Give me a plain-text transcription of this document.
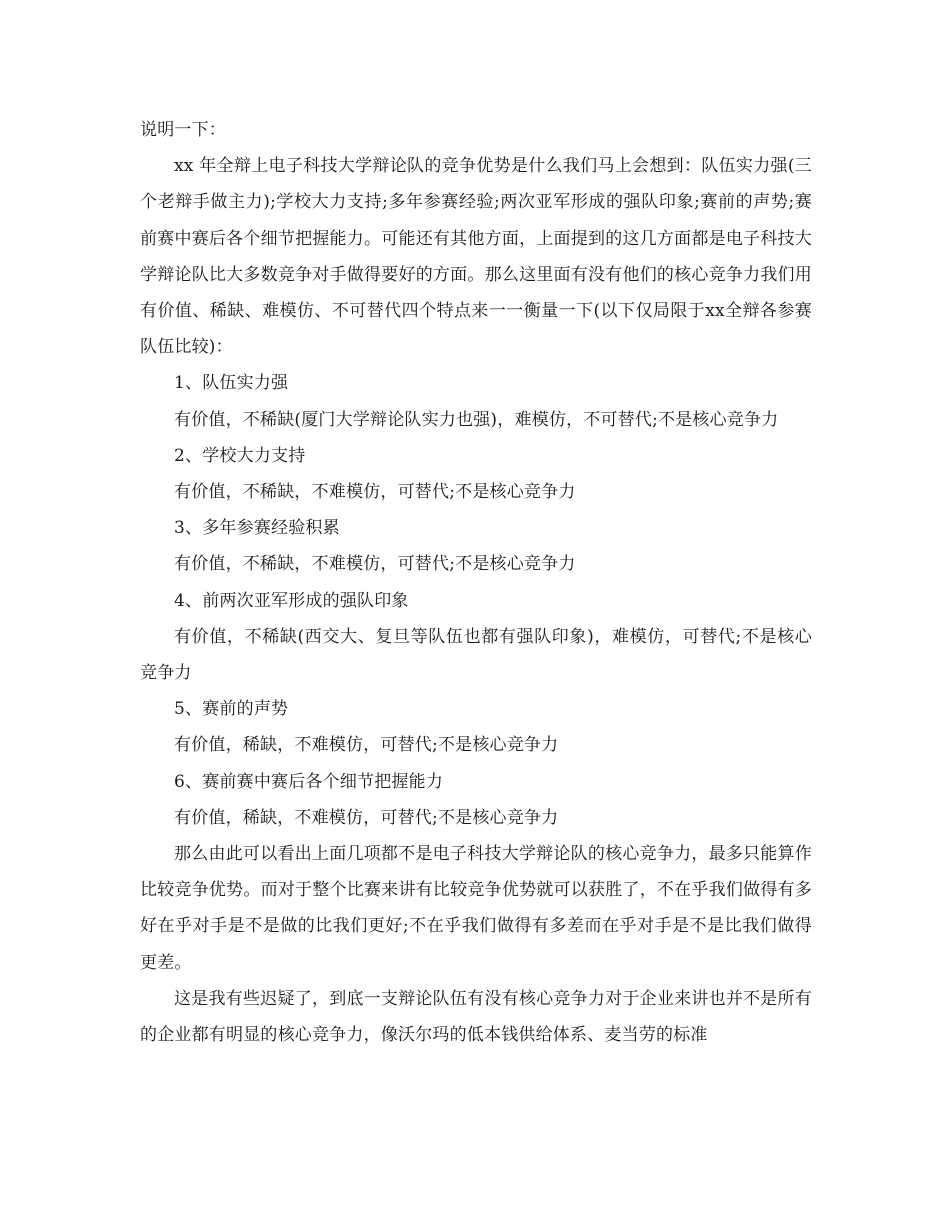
说明一下：

xx 年全辩上电子科技大学辩论队的竞争优势是什么我们马上会想到：队伍实力强(三个老辩手做主力);学校大力支持;多年参赛经验;两次亚军形成的强队印象;赛前的声势;赛前赛中赛后各个细节把握能力。可能还有其他方面，上面提到的这几方面都是电子科技大学辩论队比大多数竞争对手做得要好的方面。那么这里面有没有他们的核心竞争力我们用有价值、稀缺、难模仿、不可替代四个特点来一一衡量一下(以下仅局限于xx全辩各参赛队伍比较)：

1、队伍实力强

有价值，不稀缺(厦门大学辩论队实力也强)，难模仿，不可替代;不是核心竞争力

2、学校大力支持

有价值，不稀缺，不难模仿，可替代;不是核心竞争力

3、多年参赛经验积累

有价值，不稀缺，不难模仿，可替代;不是核心竞争力

4、前两次亚军形成的强队印象

有价值，不稀缺(西交大、复旦等队伍也都有强队印象)，难模仿，可替代;不是核心竞争力

5、赛前的声势

有价值，稀缺，不难模仿，可替代;不是核心竞争力

6、赛前赛中赛后各个细节把握能力

有价值，稀缺，不难模仿，可替代;不是核心竞争力

那么由此可以看出上面几项都不是电子科技大学辩论队的核心竞争力，最多只能算作比较竞争优势。而对于整个比赛来讲有比较竞争优势就可以获胜了，不在乎我们做得有多好在乎对手是不是做的比我们更好;不在乎我们做得有多差而在乎对手是不是比我们做得更差。

这是我有些迟疑了，到底一支辩论队伍有没有核心竞争力对于企业来讲也并不是所有的企业都有明显的核心竞争力，像沃尔玛的低本钱供给体系、麦当劳的标准
